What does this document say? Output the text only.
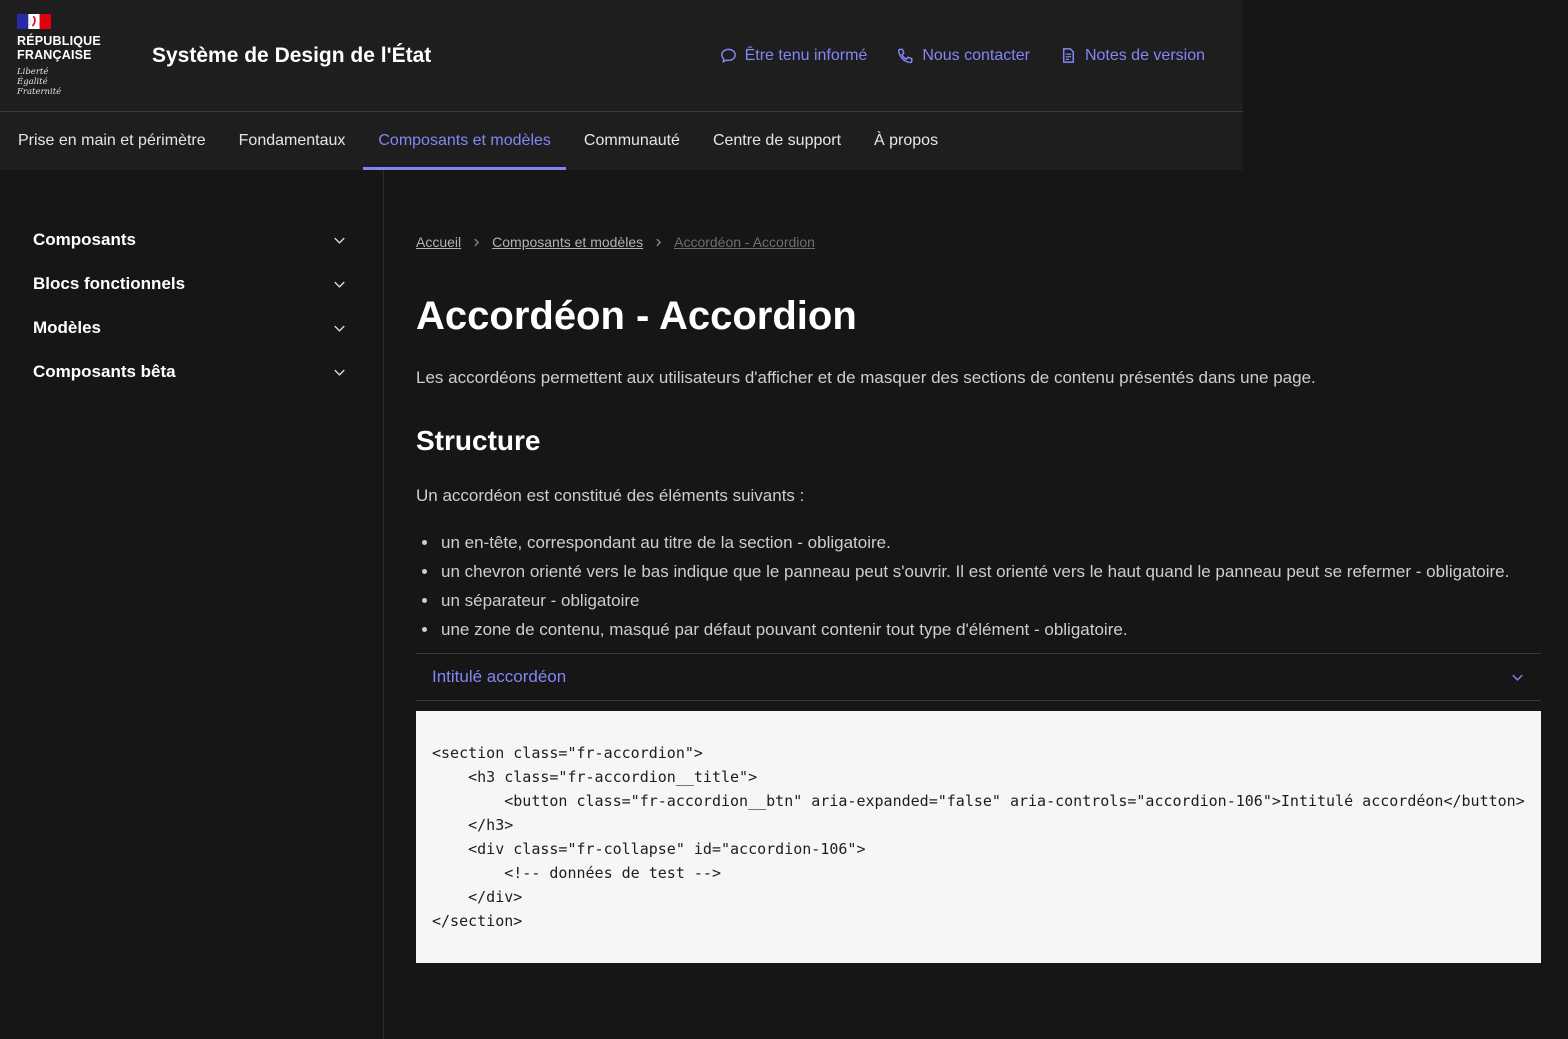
RÉPUBLIQUE
FRANÇAISE
Liberté
Égalité
Fraternité
Système de Design de l'État	Être tenu informé	Nous contacter	Notes de version
Prise en main et périmètre	Fondamentaux	Composants et modèles	Communauté	Centre de support	À propos
Composants
Blocs fonctionnels
Modèles
Composants bêta
Accueil Composants et modèles Accordéon - Accordion
Accordéon - Accordion

Les accordéons permettent aux utilisateurs d'afficher et de masquer des sections de contenu présentés dans une page.

Structure

Un accordéon est constitué des éléments suivants :

• un en-tête, correspondant au titre de la section - obligatoire.
• un chevron orienté vers le bas indique que le panneau peut s'ouvrir. Il est orienté vers le haut quand le panneau peut se refermer - obligatoire.
• un séparateur - obligatoire
• une zone de contenu, masqué par défaut pouvant contenir tout type d'élément - obligatoire.
Intitulé accordéon
<section class="fr-accordion">
<h3 class="fr-accordion__title">
<button class="fr-accordion__btn" aria-expanded="false" aria-controls="accordion-106">Intitulé accordéon</button>
</h3>
<div class="fr-collapse" id="accordion-106">
<!-- données de test -->
</div>
</section>
